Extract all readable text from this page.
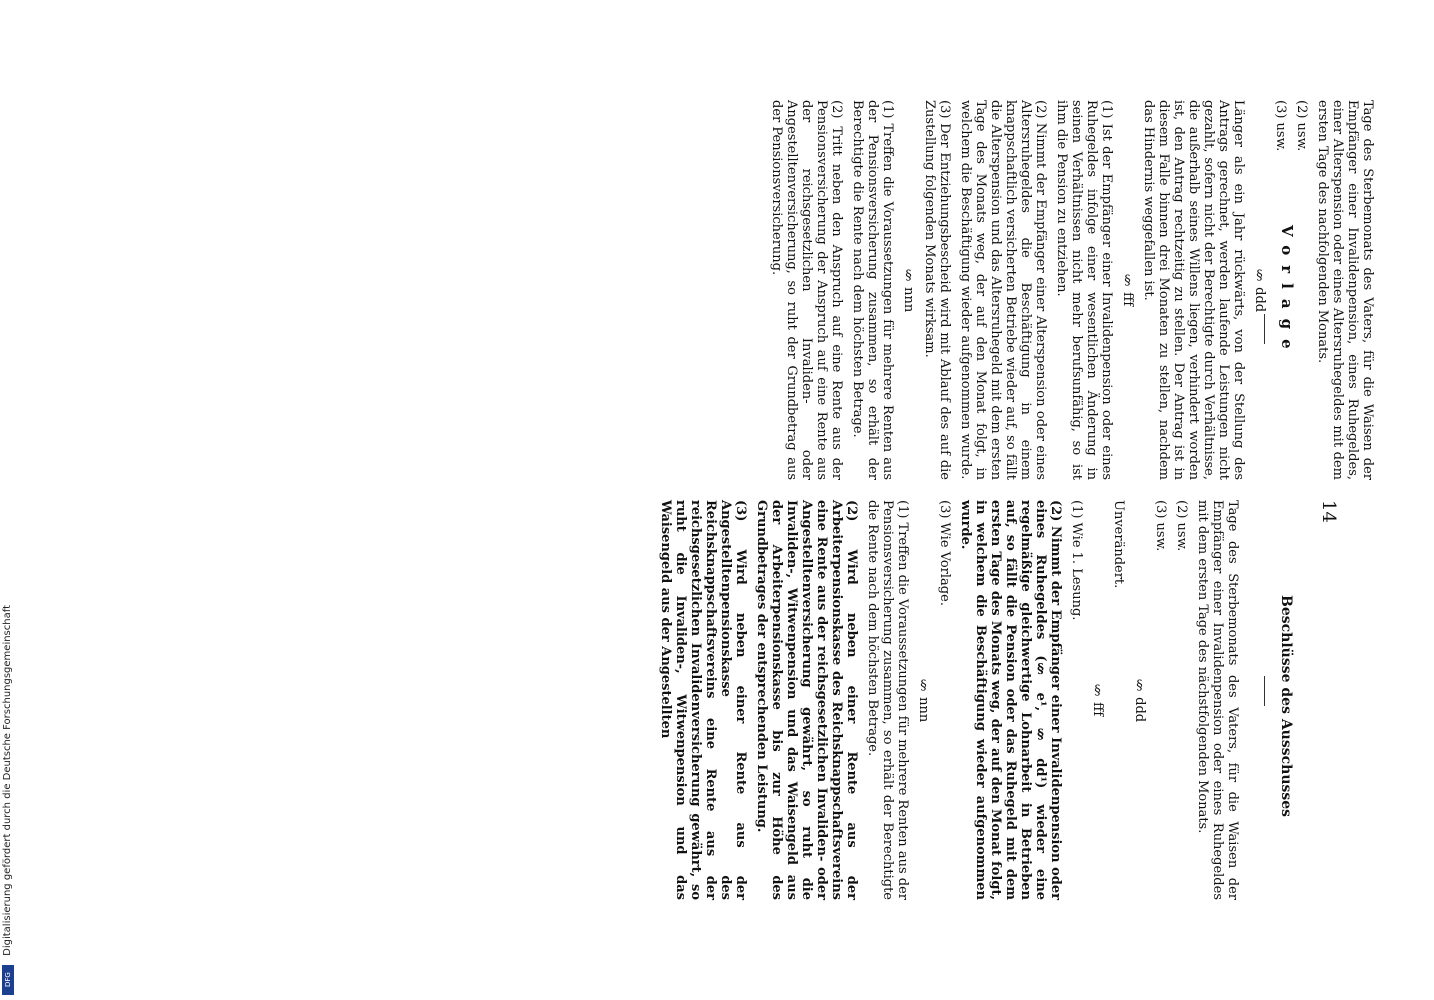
14
Vorlage
Beschlüsse des Ausschusses

Tage des Sterbemonats des Vaters, für die Waisen der Empfänger einer Invalidenpension, eines Ruhegeldes, einer Alterspension oder eines Altersruhegeldes mit dem ersten Tage des nachfolgenden Monats.

(2) usw.

(3) usw.

§ ddd

Länger als ein Jahr rückwärts, von der Stellung des Antrags gerechnet, werden laufende Leistungen nicht gezahlt, sofern nicht der Berechtigte durch Verhältnisse, die außerhalb seines Willens liegen, verhindert worden ist, den Antrag rechtzeitig zu stellen. Der Antrag ist in diesem Falle binnen drei Monaten zu stellen, nachdem das Hindernis weggefallen ist.

§ fff

(1) Ist der Empfänger einer Invalidenpension oder eines Ruhegeldes infolge einer wesentlichen Änderung in seinen Verhältnissen nicht mehr berufsunfähig, so ist ihm die Pension zu entziehen.

(2) Nimmt der Empfänger einer Alterspension oder eines Altersruhegeldes die Beschäftigung in einem knappschaftlich versicherten Betriebe wieder auf, so fällt die Alterspension und das Altersruhegeld mit dem ersten Tage des Monats weg, der auf den Monat folgt, in welchem die Beschäftigung wieder aufgenommen wurde.

(3) Der Entziehungsbescheid wird mit Ablauf des auf die Zustellung folgenden Monats wirksam.

§ nnn

(1) Treffen die Voraussetzungen für mehrere Renten aus der Pensionsversicherung zusammen, so erhält der Berechtigte die Rente nach dem höchsten Betrage.

(2) Tritt neben den Anspruch auf eine Rente aus der Pensionsversicherung der Anspruch auf eine Rente aus der reichsgesetzlichen Invaliden- oder Angestelltenversicherung, so ruht der Grundbetrag aus der Pensionsversicherung.

Tage des Sterbemonats des Vaters, für die Waisen der Empfänger einer Invalidenpension oder eines Ruhegeldes mit dem ersten Tage des nächstfolgenden Monats.

(2) usw.

(3) usw.

§ ddd

Unverändert.

§ fff

(1) Wie 1. Lesung.

(2) Nimmt der Empfänger einer Invalidenpension oder eines Ruhegeldes (§ e¹, § dd¹) wieder eine regelmäßige gleichwertige Lohnarbeit in Betrieben auf, so fällt die Pension oder das Ruhegeld mit dem ersten Tage des Monats weg, der auf den Monat folgt, in welchem die Beschäftigung wieder aufgenommen wurde.

(3) Wie Vorlage.

§ nnn

(1) Treffen die Voraussetzungen für mehrere Renten aus der Pensionsversicherung zusammen, so erhält der Berechtigte die Rente nach dem höchsten Betrage.

(2) Wird neben einer Rente aus der Arbeiterpensionskasse des Reichsknappschaftsvereins eine Rente aus der reichsgesetzlichen Invaliden- oder Angestelltenversicherung gewährt, so ruht die Invaliden-, Witwenpension und das Waisengeld aus der Arbeiterpensionskasse bis zur Höhe des Grundbetrages der entsprechenden Leistung.

(3) Wird neben einer Rente aus der Angestelltenpensionskasse des Reichsknappschaftsvereins eine Rente aus der reichsgesetzlichen Invalidenversicherung gewährt, so ruht die Invaliden-, Witwenpension und das Waisengeld aus der Angestellten

Digitalisierung gefördert durch die Deutsche Forschungsgemeinschaft
DFG
